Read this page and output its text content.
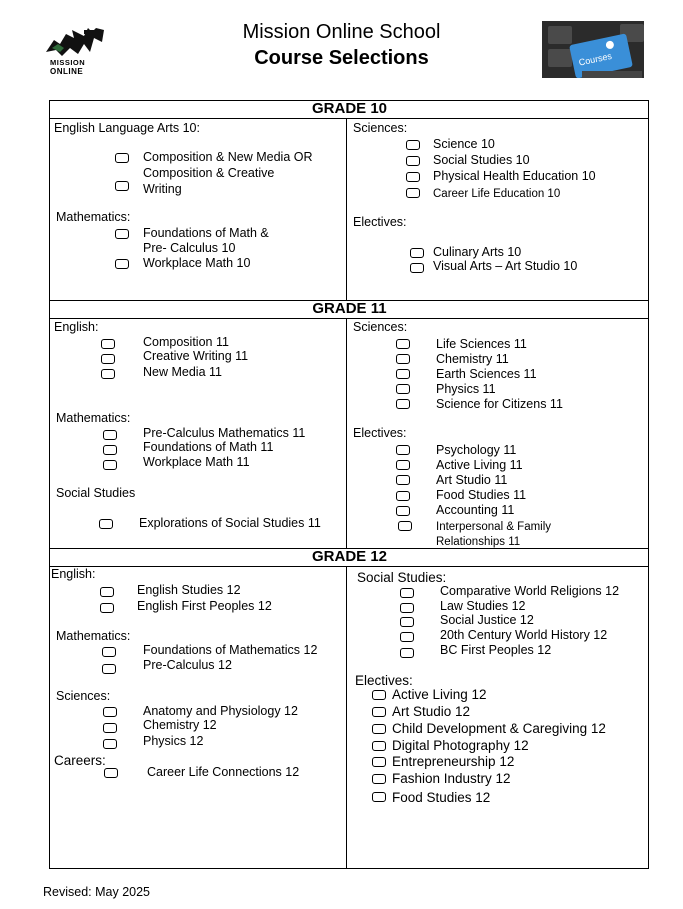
MISSION
ONLINE
Mission Online School
Course Selections	Courses
GRADE 10
English Language Arts 10:
Composition & New Media OR
Composition & Creative
Writing
Mathematics:
Foundations of Math &
Pre- Calculus 10
Workplace Math 10
Sciences:
Science 10
Social Studies 10
Physical Health Education 10
Career Life Education 10
Electives:
Culinary Arts 10
Visual Arts – Art Studio 10
GRADE 11
English:
Composition 11
Creative Writing 11
New Media 11
Mathematics:
Pre-Calculus Mathematics 11
Foundations of Math 11
Workplace Math 11
Social Studies
Explorations of Social Studies 11
Sciences:
Life Sciences 11
Chemistry 11
Earth Sciences 11
Physics 11
Science for Citizens 11
Electives:
Psychology 11
Active Living 11
Art Studio 11
Food Studies 11
Accounting 11
Interpersonal & Family
Relationships 11
GRADE 12
English:
English Studies 12
English First Peoples 12
Mathematics:
Foundations of Mathematics 12
Pre-Calculus 12
Sciences:
Anatomy and Physiology 12
Chemistry 12
Physics 12
Careers:
Career Life Connections 12
Social Studies:
Comparative World Religions 12
Law Studies 12
Social Justice 12
20th Century World History 12
BC First Peoples 12
Electives:
Active Living 12
Art Studio 12
Child Development & Caregiving 12
Digital Photography 12
Entrepreneurship 12
Fashion Industry 12
Food Studies 12
Revised: May 2025
